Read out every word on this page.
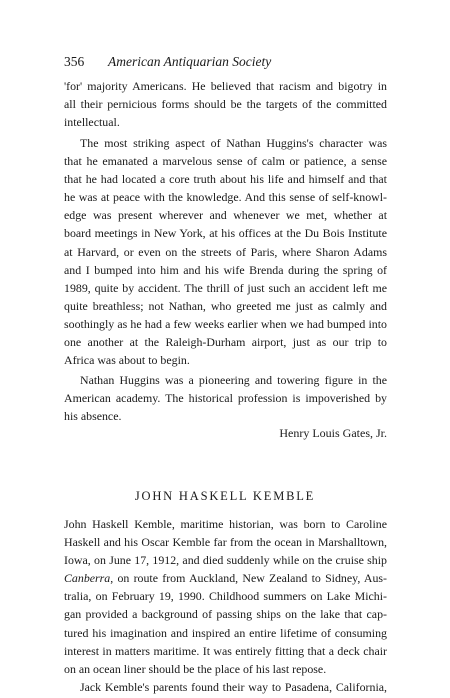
356 American Antiquarian Society
'for' majority Americans. He believed that racism and bigotry in
all their pernicious forms should be the targets of the committed
intellectual.
The most striking aspect of Nathan Huggins's character was
that he emanated a marvelous sense of calm or patience, a sense
that he had located a core truth about his life and himself and that
he was at peace with the knowledge. And this sense of self-knowl-
edge was present wherever and whenever we met, whether at
board meetings in New York, at his offices at the Du Bois Institute
at Harvard, or even on the streets of Paris, where Sharon Adams
and I bumped into him and his wife Brenda during the spring of
1989, quite by accident. The thrill of just such an accident left me
quite breathless; not Nathan, who greeted me just as calmly and
soothingly as he had a few weeks earlier when we had bumped into
one another at the Raleigh-Durham airport, just as our trip to
Africa was about to begin.
Nathan Huggins was a pioneering and towering figure in the
American academy. The historical profession is impoverished by
his absence.
Henry Louis Gates, Jr.
JOHN HASKELL KEMBLE
John Haskell Kemble, maritime historian, was born to Caroline
Haskell and his Oscar Kemble far from the ocean in Marshalltown,
Iowa, on June 17, 1912, and died suddenly while on the cruise ship
Canberra, on route from Auckland, New Zealand to Sidney, Aus-
tralia, on February 19, 1990. Childhood summers on Lake Michi-
gan provided a background of passing ships on the lake that cap-
tured his imagination and inspired an entire lifetime of consuming
interest in matters maritime. It was entirely fitting that a deck chair
on an ocean liner should be the place of his last repose.
Jack Kemble's parents found their way to Pasadena, California,
